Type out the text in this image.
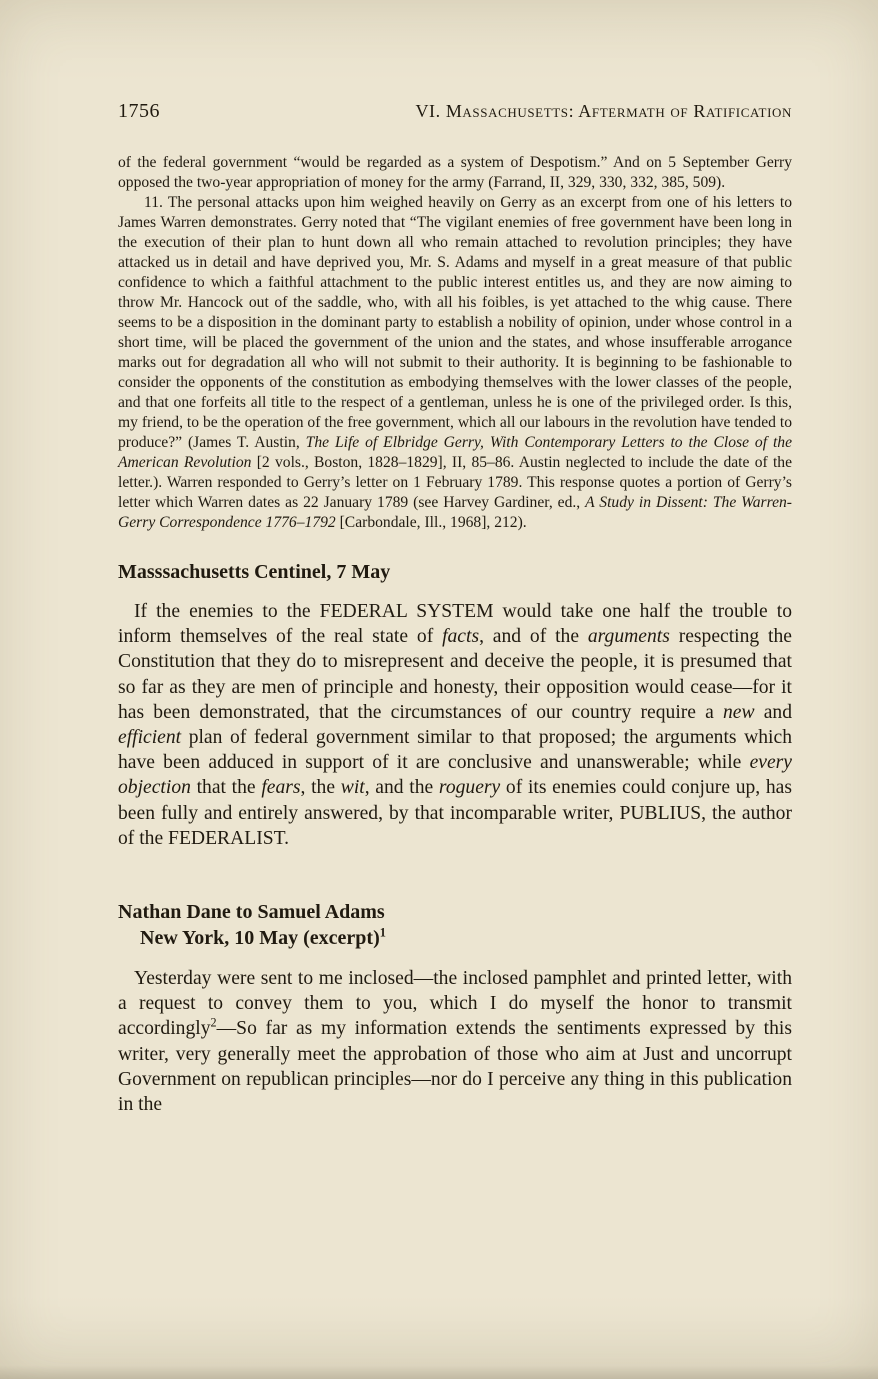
1756	VI. Massachusetts: Aftermath of Ratification

of the federal government “would be regarded as a system of Despotism.” And on 5 September Gerry opposed the two-year appropriation of money for the army (Farrand, II, 329, 330, 332, 385, 509).

11. The personal attacks upon him weighed heavily on Gerry as an excerpt from one of his letters to James Warren demonstrates. Gerry noted that “The vigilant enemies of free government have been long in the execution of their plan to hunt down all who remain attached to revolution principles; they have attacked us in detail and have deprived you, Mr. S. Adams and myself in a great measure of that public confidence to which a faithful attachment to the public interest entitles us, and they are now aiming to throw Mr. Hancock out of the saddle, who, with all his foibles, is yet attached to the whig cause. There seems to be a disposition in the dominant party to establish a nobility of opinion, under whose control in a short time, will be placed the government of the union and the states, and whose insufferable arrogance marks out for degradation all who will not submit to their authority. It is beginning to be fashionable to consider the opponents of the constitution as embodying themselves with the lower classes of the people, and that one forfeits all title to the respect of a gentleman, unless he is one of the privileged order. Is this, my friend, to be the operation of the free government, which all our labours in the revolution have tended to produce?” (James T. Austin, The Life of Elbridge Gerry, With Contemporary Letters to the Close of the American Revolution [2 vols., Boston, 1828–1829], II, 85–86. Austin neglected to include the date of the letter.). Warren responded to Gerry’s letter on 1 February 1789. This response quotes a portion of Gerry’s letter which Warren dates as 22 January 1789 (see Harvey Gardiner, ed., A Study in Dissent: The Warren-Gerry Correspondence 1776–1792 [Carbondale, Ill., 1968], 212).

Masssachusetts Centinel, 7 May

If the enemies to the FEDERAL SYSTEM would take one half the trouble to inform themselves of the real state of facts, and of the arguments respecting the Constitution that they do to misrepresent and deceive the people, it is presumed that so far as they are men of principle and honesty, their opposition would cease—for it has been demonstrated, that the circumstances of our country require a new and efficient plan of federal government similar to that proposed; the arguments which have been adduced in support of it are conclusive and unanswerable; while every objection that the fears, the wit, and the roguery of its enemies could conjure up, has been fully and entirely answered, by that incomparable writer, PUBLIUS, the author of the FEDERALIST.

Nathan Dane to Samuel Adams
New York, 10 May (excerpt)$^1$

Yesterday were sent to me inclosed—the inclosed pamphlet and printed letter, with a request to convey them to you, which I do myself the honor to transmit accordingly$^2$—So far as my information extends the sentiments expressed by this writer, very generally meet the approbation of those who aim at Just and uncorrupt Government on republican principles—nor do I perceive any thing in this publication in the
